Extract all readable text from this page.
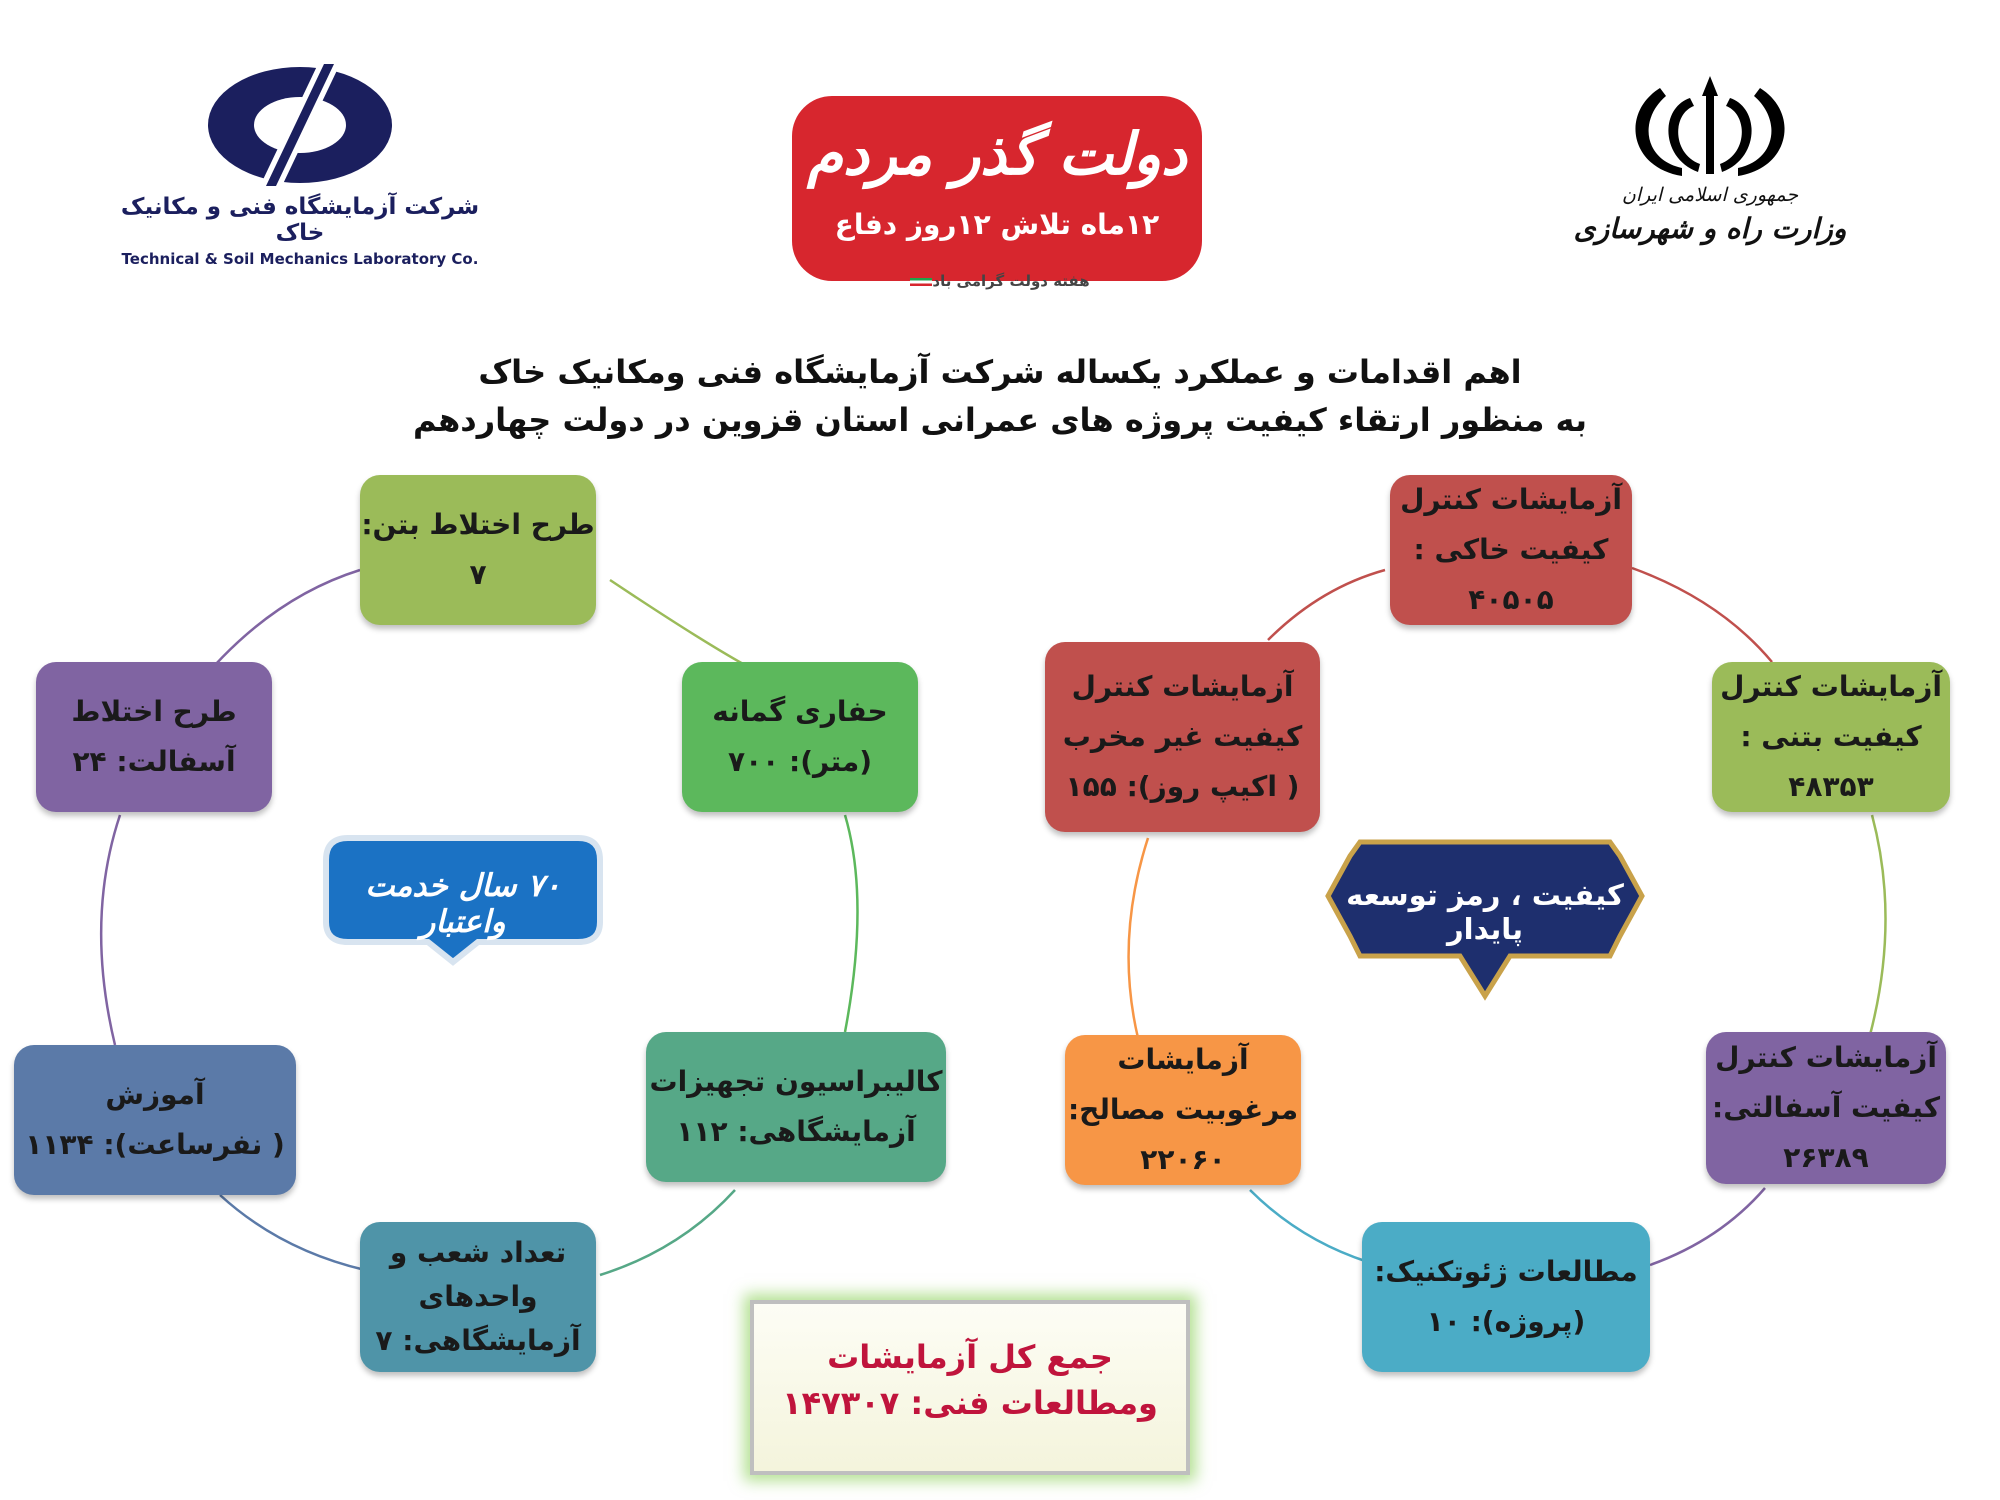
شرکت آزمایشگاه فنی و مکانیک خاک
Technical & Soil Mechanics Laboratory Co.
دولت گذر مردم
۱۲ماه تلاش ۱۲روز دفاع
هفته دولت گرامی باد
جمهوری اسلامی ایران
وزارت راه و شهرسازی
اهم اقدامات و عملکرد یکساله شرکت آزمایشگاه فنی ومکانیک خاک
به منظور ارتقاء کیفیت پروژه های عمرانی استان قزوین در دولت چهاردهم
آزمایشات کنترل
کیفیت خاکی :
۴۰۵۰۵
آزمایشات کنترل
کیفیت بتنی :
۴۸۳۵۳
آزمایشات کنترل
کیفیت آسفالتی:
۲۶۳۸۹
مطالعات ژئوتکنیک:
(پروژه): ۱۰
آزمایشات
مرغوبیت مصالح:
۲۲۰۶۰
آزمایشات کنترل
کیفیت غیر مخرب
( اکیپ روز): ۱۵۵
طرح اختلاط بتن:
۷
حفاری گمانه
(متر): ۷۰۰
کالیبراسیون تجهیزات
آزمایشگاهی: ۱۱۲
تعداد شعب و
واحدهای
آزمایشگاهی: ۷
آموزش
( نفرساعت): ۱۱۳۴
طرح اختلاط
آسفالت: ۲۴
۷۰ سال خدمت واعتبار
کیفیت ، رمز توسعه پایدار
جمع کل آزمایشات
ومطالعات فنی: ۱۴۷۳۰۷
